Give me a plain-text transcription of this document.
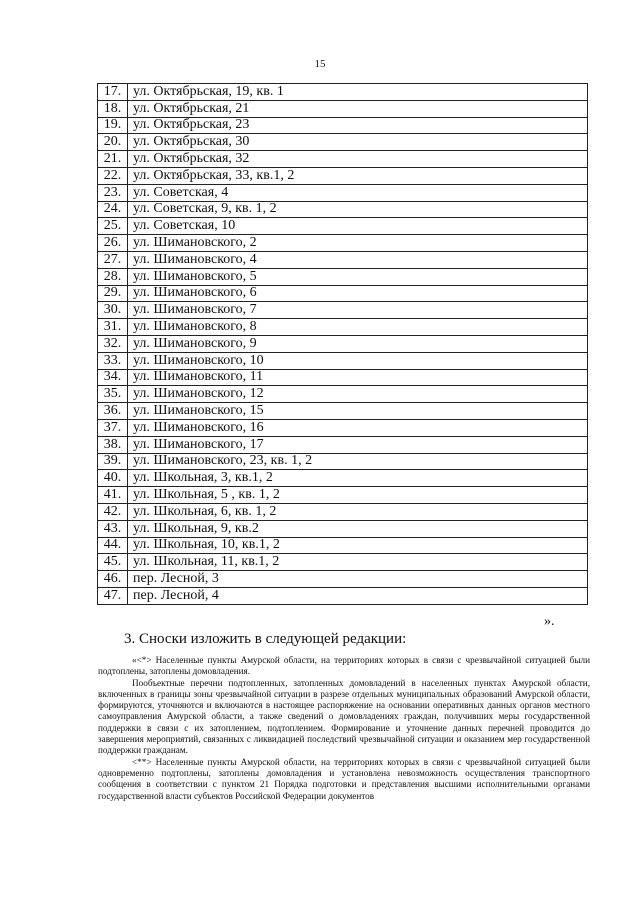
15
17.	ул. Октябрьская, 19, кв. 1
18.	ул. Октябрьская, 21
19.	ул. Октябрьская, 23
20.	ул. Октябрьская, 30
21.	ул. Октябрьская, 32
22.	ул. Октябрьская, 33, кв.1, 2
23.	ул. Советская, 4
24.	ул. Советская, 9, кв. 1, 2
25.	ул. Советская, 10
26.	ул. Шимановского, 2
27.	ул. Шимановского, 4
28.	ул. Шимановского, 5
29.	ул. Шимановского, 6
30.	ул. Шимановского, 7
31.	ул. Шимановского, 8
32.	ул. Шимановского, 9
33.	ул. Шимановского, 10
34.	ул. Шимановского, 11
35.	ул. Шимановского, 12
36.	ул. Шимановского, 15
37.	ул. Шимановского, 16
38.	ул. Шимановского, 17
39.	ул. Шимановского, 23, кв. 1, 2
40.	ул. Школьная, 3, кв.1, 2
41.	ул. Школьная, 5 , кв. 1, 2
42.	ул. Школьная, 6, кв. 1, 2
43.	ул. Школьная, 9, кв.2
44.	ул. Школьная, 10, кв.1, 2
45.	ул. Школьная, 11, кв.1, 2
46.	пер. Лесной, 3
47.	пер. Лесной, 4
».
3. Сноски изложить в следующей редакции:

«<*> Населенные пункты Амурской области, на территориях которых в связи с чрезвычайной ситуацией были подтоплены, затоплены домовладения.

Пообъектные перечни подтопленных, затопленных домовладений в населенных пунктах Амурской области, включенных в границы зоны чрезвычайной ситуации в разрезе отдельных муниципальных образований Амурской области, формируются, уточняются и включаются в настоящее распоряжение на основании оперативных данных органов местного самоуправления Амурской области, а также сведений о домовладениях граждан, получивших меры государственной поддержки в связи с их затоплением, подтоплением. Формирование и уточнение данных перечней проводится до завершения мероприятий, связанных с ликвидацией последствий чрезвычайной ситуации и оказанием мер государственной поддержки гражданам.

<**> Населенные пункты Амурской области, на территориях которых в связи с чрезвычайной ситуацией были одновременно подтоплены, затоплены домовладения и установлена невозможность осуществления транспортного сообщения в соответствии с пунктом 21 Порядка подготовки и представления высшими исполнительными органами государственной власти субъектов Российской Федерации документов
